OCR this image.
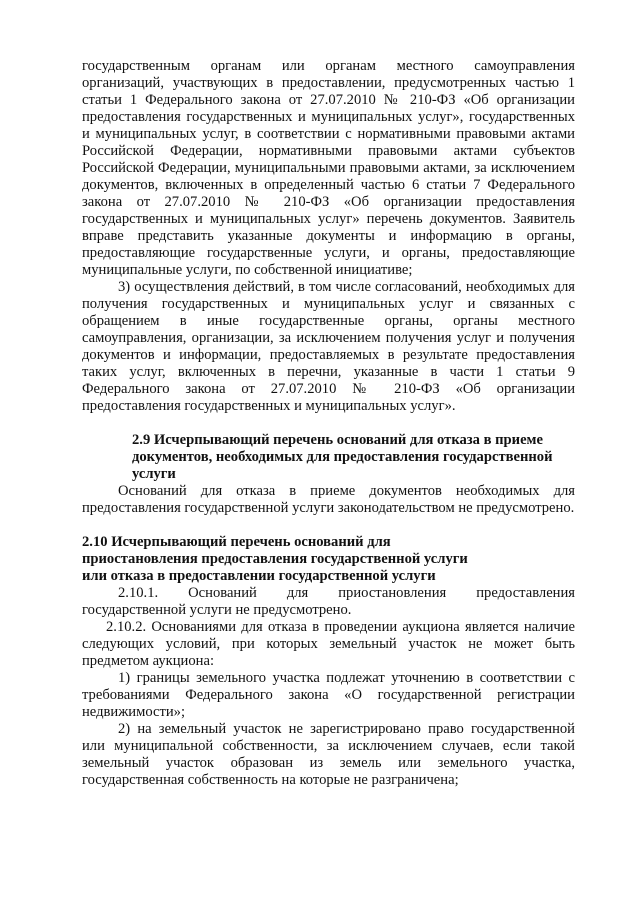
государственным органам или органам местного самоуправления организаций, участвующих в предоставлении, предусмотренных частью 1 статьи 1 Федерального закона от 27.07.2010 № 210-ФЗ «Об организации предоставления государственных и муниципальных услуг», государственных и муниципальных услуг, в соответствии с нормативными правовыми актами Российской Федерации, нормативными правовыми актами субъектов Российской Федерации, муниципальными правовыми актами, за исключением документов, включенных в определенный частью 6 статьи 7 Федерального закона от 27.07.2010 № 210-ФЗ «Об организации предоставления государственных и муниципальных услуг» перечень документов. Заявитель вправе представить указанные документы и информацию в органы, предоставляющие государственные услуги, и органы, предоставляющие муниципальные услуги, по собственной инициативе;

3) осуществления действий, в том числе согласований, необходимых для получения государственных и муниципальных услуг и связанных с обращением в иные государственные органы, органы местного самоуправления, организации, за исключением получения услуг и получения документов и информации, предоставляемых в результате предоставления таких услуг, включенных в перечни, указанные в части 1 статьи 9 Федерального закона от 27.07.2010 № 210-ФЗ «Об организации предоставления государственных и муниципальных услуг».

2.9 Исчерпывающий перечень оснований для отказа в приеме документов, необходимых для предоставления государственной услуги

Оснований для отказа в приеме документов необходимых для предоставления государственной услуги законодательством не предусмотрено.

2.10 Исчерпывающий перечень оснований для

приостановления предоставления государственной услуги

или отказа в предоставлении государственной услуги

2.10.1. Оснований для приостановления предоставления государственной услуги не предусмотрено.

2.10.2. Основаниями для отказа в проведении аукциона является наличие следующих условий, при которых земельный участок не может быть предметом аукциона:

1) границы земельного участка подлежат уточнению в соответствии с требованиями Федерального закона «О государственной регистрации недвижимости»;

2) на земельный участок не зарегистрировано право государственной или муниципальной собственности, за исключением случаев, если такой земельный участок образован из земель или земельного участка, государственная собственность на которые не разграничена;
